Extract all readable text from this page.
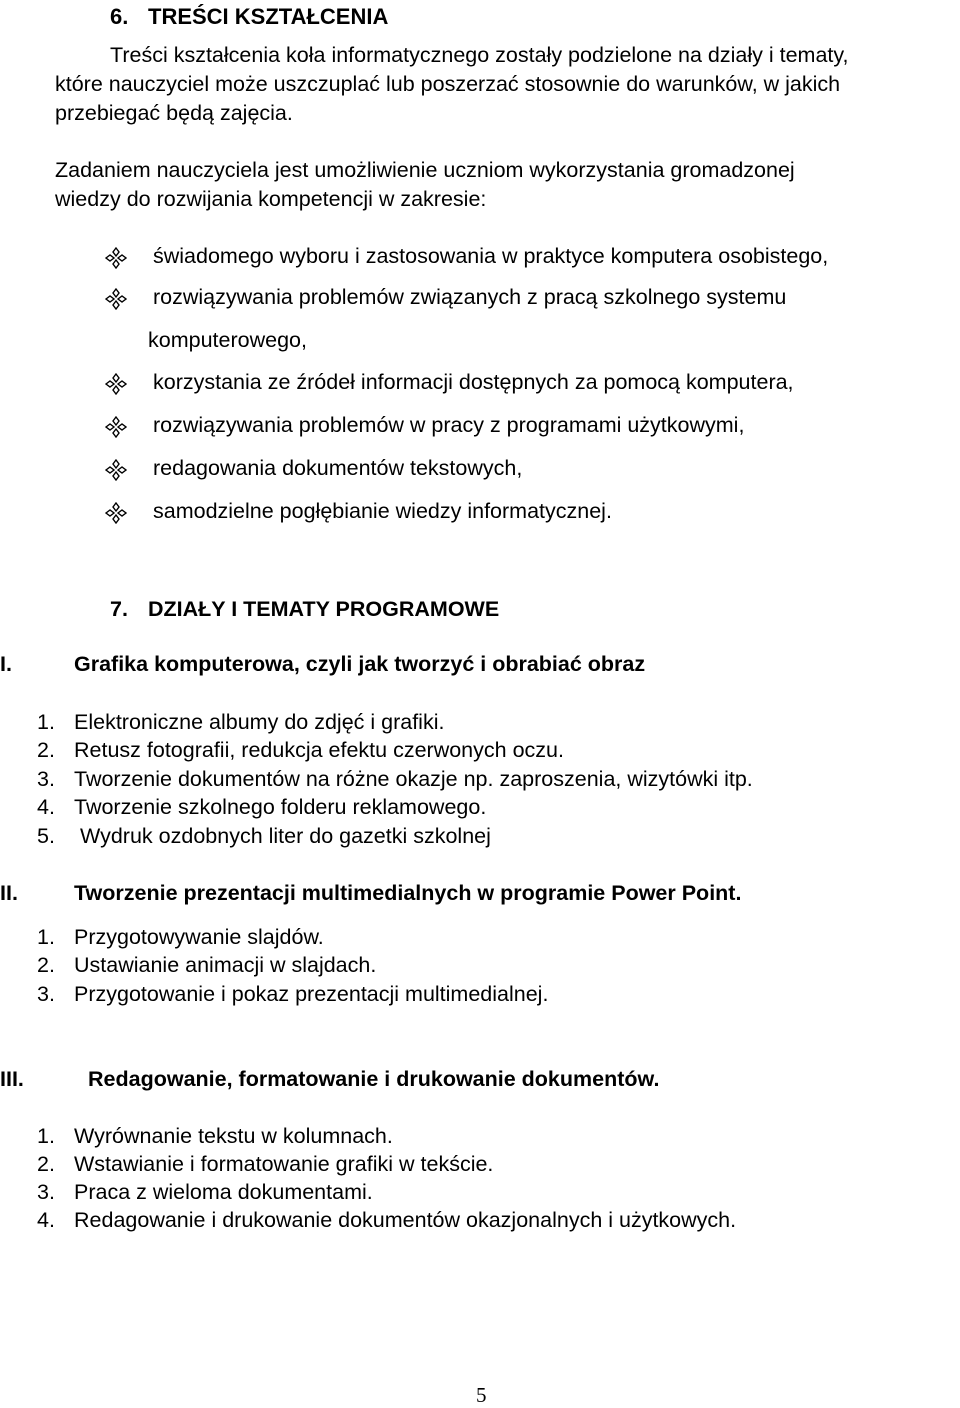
6. TREŚCI KSZTAŁCENIA
Treści kształcenia koła informatycznego zostały podzielone na działy i tematy,
które nauczyciel może uszczuplać lub poszerzać stosownie do warunków, w jakich
przebiegać będą zajęcia.
Zadaniem nauczyciela jest umożliwienie uczniom wykorzystania gromadzonej
wiedzy do rozwijania kompetencji w zakresie:
świadomego wyboru i zastosowania w praktyce komputera osobistego,
rozwiązywania problemów związanych z pracą szkolnego systemu
komputerowego,
korzystania ze źródeł informacji dostępnych za pomocą komputera,
rozwiązywania problemów w pracy z programami użytkowymi,
redagowania dokumentów tekstowych,
samodzielne pogłębianie wiedzy informatycznej.
7. DZIAŁY I TEMATY PROGRAMOWE
I.	Grafika komputerowa, czyli jak tworzyć i obrabiać obraz
1. Elektroniczne albumy do zdjęć i grafiki.
2. Retusz fotografii, redukcja efektu czerwonych oczu.
3. Tworzenie dokumentów na różne okazje np. zaproszenia, wizytówki itp.
4. Tworzenie szkolnego folderu reklamowego.
5. Wydruk ozdobnych liter do gazetki szkolnej
II.	Tworzenie prezentacji multimedialnych w programie Power Point.
1. Przygotowywanie slajdów.
2. Ustawianie animacji w slajdach.
3. Przygotowanie i pokaz prezentacji multimedialnej.
III.	Redagowanie, formatowanie i drukowanie dokumentów.
1. Wyrównanie tekstu w kolumnach.
2. Wstawianie i formatowanie grafiki w tekście.
3. Praca z wieloma dokumentami.
4. Redagowanie i drukowanie dokumentów okazjonalnych i użytkowych.
5
